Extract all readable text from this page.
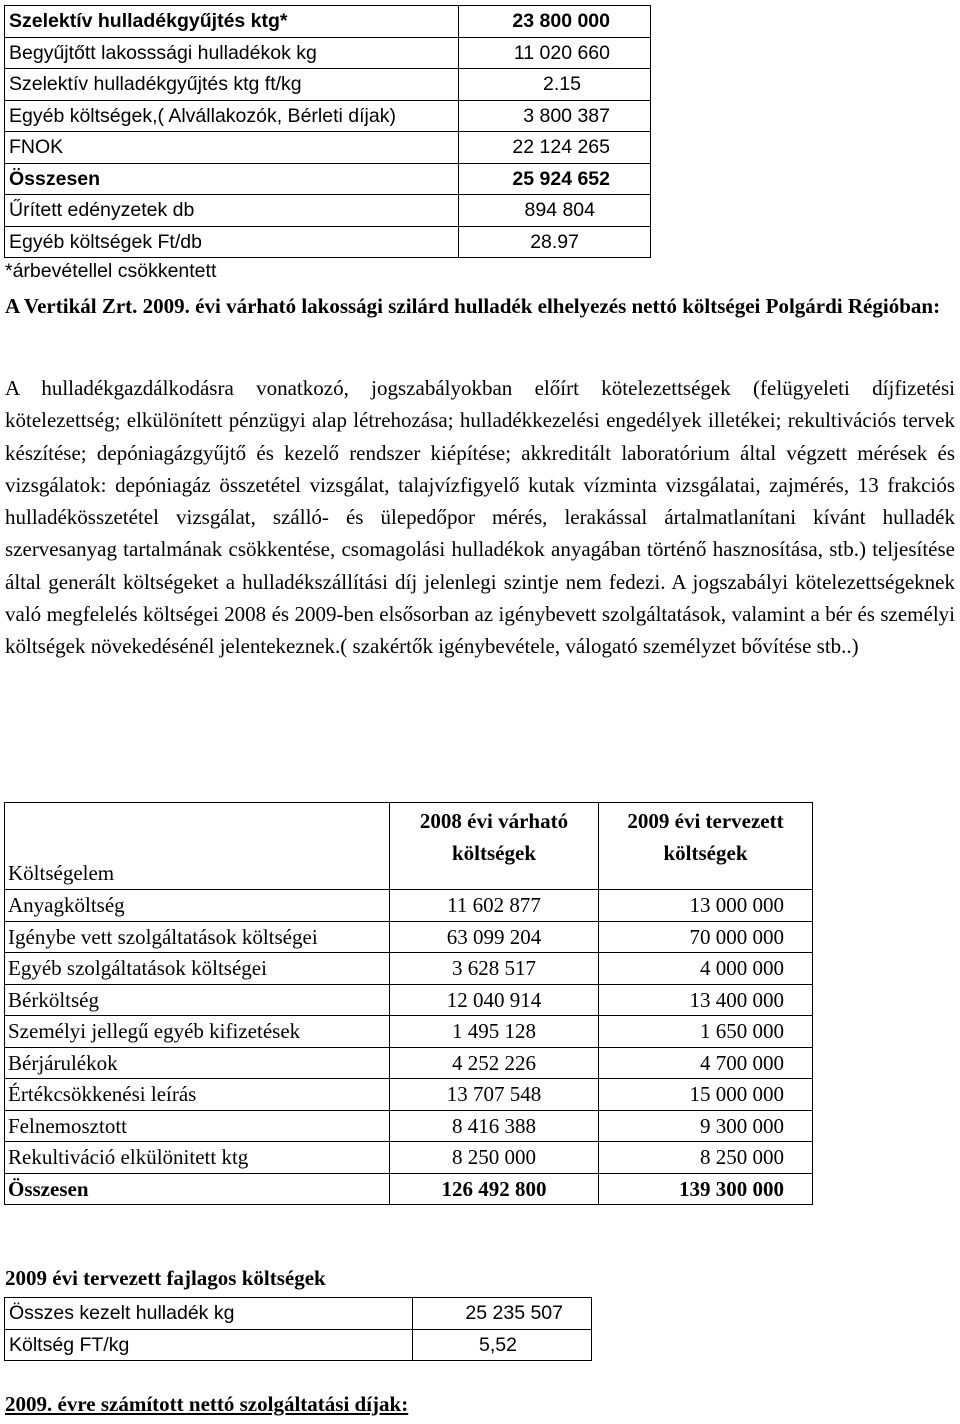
Szelektív hulladékgyűjtés ktg*	23 800 000
Begyűjtőtt lakosssági hulladékok kg	11 020 660
Szelektív hulladékgyűjtés ktg ft/kg	2.15
Egyéb költségek,( Alvállakozók, Bérleti díjak)	3 800 387
FNOK	22 124 265
Összesen	25 924 652
Űrített edényzetek db	894 804
Egyéb költségek Ft/db	28.97
*árbevétellel csökkentett
A Vertikál Zrt. 2009. évi várható lakossági szilárd hulladék elhelyezés nettó költségei Polgárdi Régióban:
A hulladékgazdálkodásra vonatkozó, jogszabályokban előírt kötelezettségek (felügyeleti díjfizetési kötelezettség; elkülönített pénzügyi alap létrehozása; hulladékkezelési engedélyek illetékei; rekultivációs tervek készítése; depóniagázgyűjtő és kezelő rendszer kiépítése; akkreditált laboratórium által végzett mérések és vizsgálatok: depóniagáz összetétel vizsgálat, talajvízfigyelő kutak vízminta vizsgálatai, zajmérés, 13 frakciós hulladékösszetétel vizsgálat, szálló- és ülepedőpor mérés, lerakással ártalmatlanítani kívánt hulladék szervesanyag tartalmának csökkentése, csomagolási hulladékok anyagában történő hasznosítása, stb.) teljesítése által generált költségeket a hulladékszállítási díj jelenlegi szintje nem fedezi. A jogszabályi kötelezettségeknek való megfelelés költségei 2008 és 2009-ben elsősorban az igénybevett szolgáltatások, valamint a bér és személyi költségek növekedésénél jelentekeznek.( szakértők igénybevétele, válogató személyzet bővítése stb..)
Költségelem	2008 évi várható költségek	2009 évi tervezett költségek
Anyagköltség	11 602 877	13 000 000
Igénybe vett szolgáltatások költségei	63 099 204	70 000 000
Egyéb szolgáltatások költségei	3 628 517	4 000 000
Bérköltség	12 040 914	13 400 000
Személyi jellegű egyéb kifizetések	1 495 128	1 650 000
Bérjárulékok	4 252 226	4 700 000
Értékcsökkenési leírás	13 707 548	15 000 000
Felnemosztott	8 416 388	9 300 000
Rekultiváció elkülönitett ktg	8 250 000	8 250 000
Összesen	126 492 800	139 300 000
2009 évi tervezett fajlagos költségek
Összes kezelt hulladék kg	25 235 507
Költség FT/kg	5,52
2009. évre számított nettó szolgáltatási díjak:
